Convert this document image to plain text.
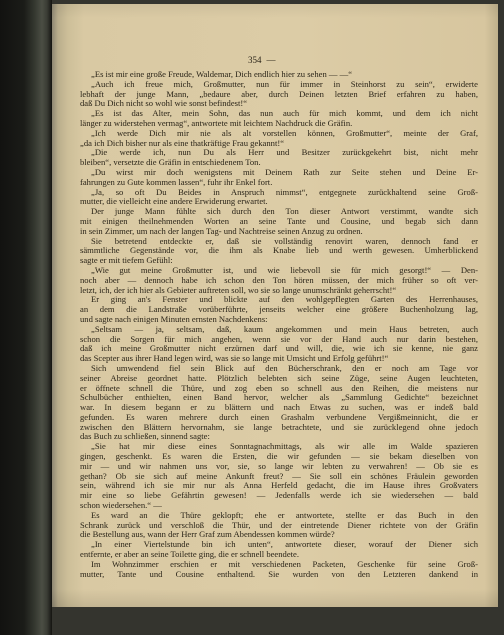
354 —
„Es ist mir eine große Freude, Waldemar, Dich endlich hier zu sehen — —“
„Auch ich freue mich, Großmutter, nun für immer in Steinhorst zu sein“, erwiderte
lebhaft der junge Mann, „bedaure aber, durch Deinen letzten Brief erfahren zu haben,
daß Du Dich nicht so wohl wie sonst befindest!“
„Es ist das Alter, mein Sohn, das nun auch für mich kommt, und dem ich nicht
länger zu widerstehen vermag“, antwortete mit leichtem Nachdruck die Gräfin.
„Ich werde Dich mir nie als alt vorstellen können, Großmutter“, meinte der Graf,
„da ich Dich bisher nur als eine thatkräftige Frau gekannt!“
„Die werde ich, nun Du als Herr und Besitzer zurückgekehrt bist, nicht mehr
bleiben“, versetzte die Gräfin in entschiedenem Ton.
„Du wirst mir doch wenigstens mit Deinem Rath zur Seite stehen und Deine Er-
fahrungen zu Gute kommen lassen“, fuhr ihr Enkel fort.
„Ja, so oft Du Beides in Anspruch nimmst“, entgegnete zurückhaltend seine Groß-
mutter, die vielleicht eine andere Erwiderung erwartet.
Der junge Mann fühlte sich durch den Ton dieser Antwort verstimmt, wandte sich
mit einigen theilnehmenden Worten an seine Tante und Cousine, und begab sich dann
in sein Zimmer, um nach der langen Tag- und Nachtreise seinen Anzug zu ordnen.
Sie betretend entdeckte er, daß sie vollständig renovirt waren, dennoch fand er
sämmtliche Gegenstände vor, die ihm als Knabe lieb und werth gewesen. Umherblickend
sagte er mit tiefem Gefühl:
„Wie gut meine Großmutter ist, und wie liebevoll sie für mich gesorgt!“ — Den-
noch aber — dennoch habe ich schon den Ton hören müssen, der mich früher so oft ver-
letzt, ich, der ich hier als Gebieter auftreten soll, wo sie so lange unumschränkt geherrscht!“
Er ging an's Fenster und blickte auf den wohlgepflegten Garten des Herrenhauses,
an dem die Landstraße vorüberführte, jenseits welcher eine größere Buchenholzung lag,
und sagte nach einigen Minuten ernsten Nachdenkens:
„Seltsam — ja, seltsam, daß, kaum angekommen und mein Haus betreten, auch
schon die Sorgen für mich angehen, wenn sie vor der Hand auch nur darin bestehen,
daß ich meine Großmutter nicht erzürnen darf und will, die, wie ich sie kenne, nie ganz
das Scepter aus ihrer Hand legen wird, was sie so lange mit Umsicht und Erfolg geführt!“
Sich umwendend fiel sein Blick auf den Bücherschrank, den er noch am Tage vor
seiner Abreise geordnet hatte. Plötzlich belebten sich seine Züge, seine Augen leuchteten,
er öffnete schnell die Thüre, und zog eben so schnell aus den Reihen, die meistens nur
Schulbücher enthielten, einen Band hervor, welcher als „Sammlung Gedichte“ bezeichnet
war. In diesem begann er zu blättern und nach Etwas zu suchen, was er indeß bald
gefunden. Es waren mehrere durch einen Grashalm verbundene Vergißmeinnicht, die er
zwischen den Blättern hervornahm, sie lange betrachtete, und sie zurücklegend ohne jedoch
das Buch zu schließen, sinnend sagte:
„Sie hat mir diese eines Sonntagnachmittags, als wir alle im Walde spazieren
gingen, geschenkt. Es waren die Ersten, die wir gefunden — sie bekam dieselben von
mir — und wir nahmen uns vor, sie, so lange wir lebten zu verwahren! — Ob sie es
gethan? Ob sie sich auf meine Ankunft freut? — Sie soll ein schönes Fräulein geworden
sein, während ich sie mir nur als Anna Herfeld gedacht, die im Hause ihres Großvaters
mir eine so liebe Gefährtin gewesen! — Jedenfalls werde ich sie wiedersehen — bald
schon wiedersehen.“ —
Es ward an die Thüre geklopft; ehe er antwortete, stellte er das Buch in den
Schrank zurück und verschloß die Thür, und der eintretende Diener richtete von der Gräfin
die Bestellung aus, wann der Herr Graf zum Abendessen kommen würde?
„In einer Viertelstunde bin ich unten“, antwortete dieser, worauf der Diener sich
entfernte, er aber an seine Toilette ging, die er schnell beendete.
Im Wohnzimmer erschien er mit verschiedenen Packeten, Geschenke für seine Groß-
mutter, Tante und Cousine enthaltend. Sie wurden von den Letzteren dankend in
